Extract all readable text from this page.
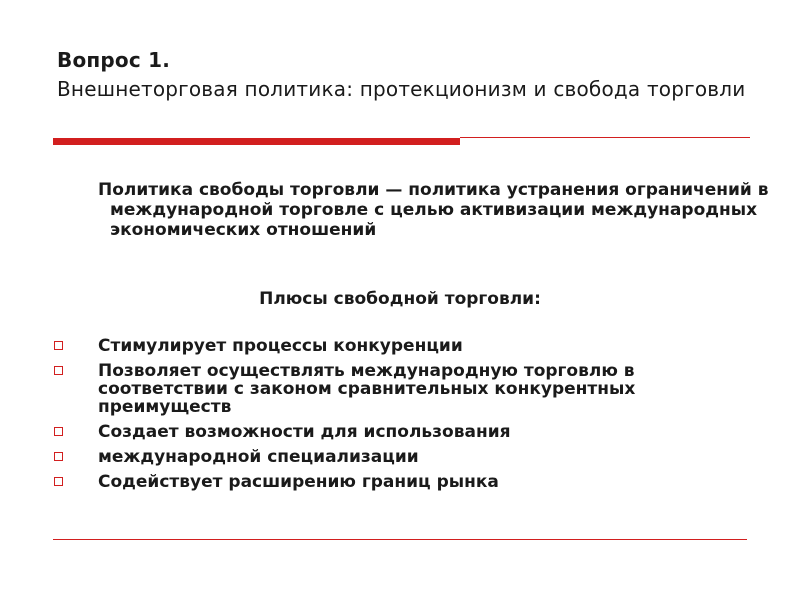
Вопрос 1.
Внешнеторговая политика: протекционизм и свобода торговли
Политика свободы торговли — политика устранения ограничений в международной торговле с целью активизации международных экономических отношений
Плюсы свободной торговли:
Стимулирует процессы конкуренции
Позволяет осуществлять международную торговлю в соответствии с законом сравнительных конкурентных преимуществ
Создает возможности для использования
международной специализации
Содействует расширению границ рынка
